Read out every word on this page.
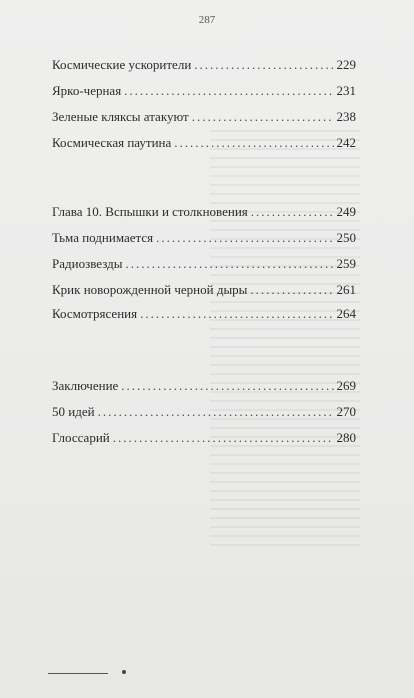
287
Космические ускорители .....	229
Ярко-черная .....	231
Зеленые кляксы атакуют .....	238
Космическая паутина .....	242
Глава 10. Вспышки и столкновения .....	249
Тьма поднимается .....	250
Радиозвезды .....	259
Крик новорожденной черной дыры .....	261
Космотрясения .....	264
Заключение .....	269
50 идей .....	270
Глоссарий .....	280
